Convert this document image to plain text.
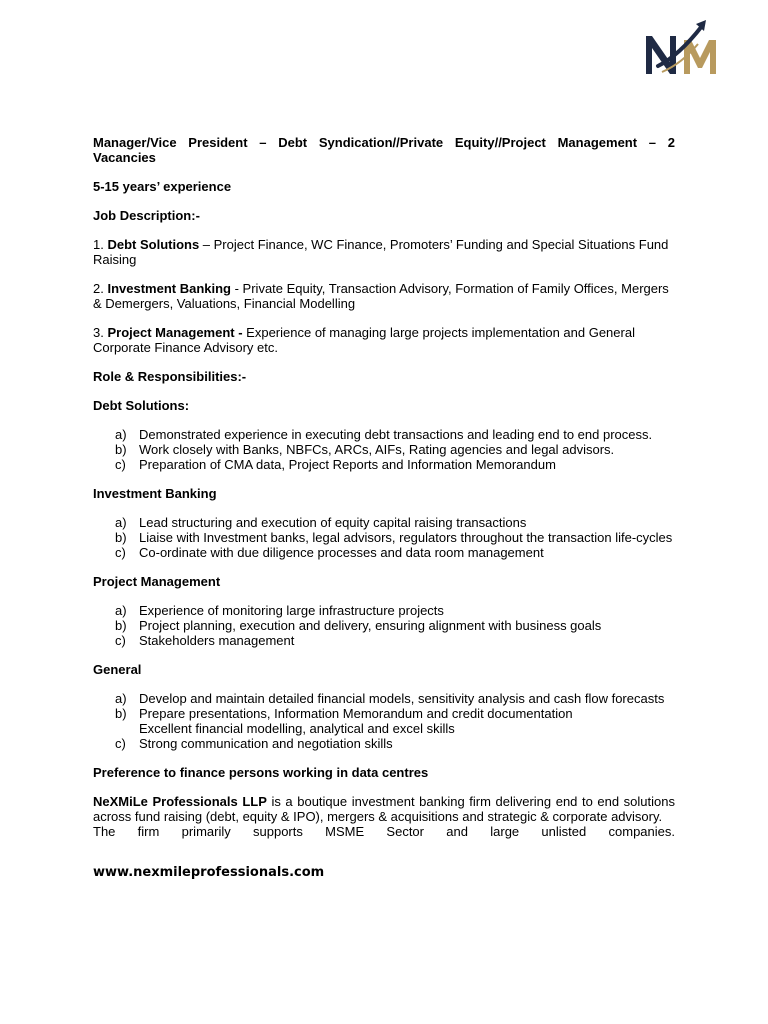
Manager/Vice President – Debt Syndication//Private Equity//Project Management – 2 Vacancies
5-15 years’ experience
Job Description:-
1. Debt Solutions – Project Finance, WC Finance, Promoters’ Funding and Special Situations Fund Raising
2. Investment Banking - Private Equity, Transaction Advisory, Formation of Family Offices, Mergers & Demergers, Valuations, Financial Modelling
3. Project Management - Experience of managing large projects implementation and General Corporate Finance Advisory etc.
Role & Responsibilities:-
Debt Solutions:
a) Demonstrated experience in executing debt transactions and leading end to end process.
b) Work closely with Banks, NBFCs, ARCs, AIFs, Rating agencies and legal advisors.
c) Preparation of CMA data, Project Reports and Information Memorandum
Investment Banking
a) Lead structuring and execution of equity capital raising transactions
b) Liaise with Investment banks, legal advisors, regulators throughout the transaction life-cycles
c) Co-ordinate with due diligence processes and data room management
Project Management
a) Experience of monitoring large infrastructure projects
b) Project planning, execution and delivery, ensuring alignment with business goals
c) Stakeholders management
General
a) Develop and maintain detailed financial models, sensitivity analysis and cash flow forecasts
b) Prepare presentations, Information Memorandum and credit documentation
Excellent financial modelling, analytical and excel skills
c) Strong communication and negotiation skills
Preference to finance persons working in data centres
NeXMiLe Professionals LLP is a boutique investment banking firm delivering end to end solutions across fund raising (debt, equity & IPO), mergers & acquisitions and strategic & corporate advisory.
The firm primarily supports MSME Sector and large unlisted companies.
www.nexmileprofessionals.com
